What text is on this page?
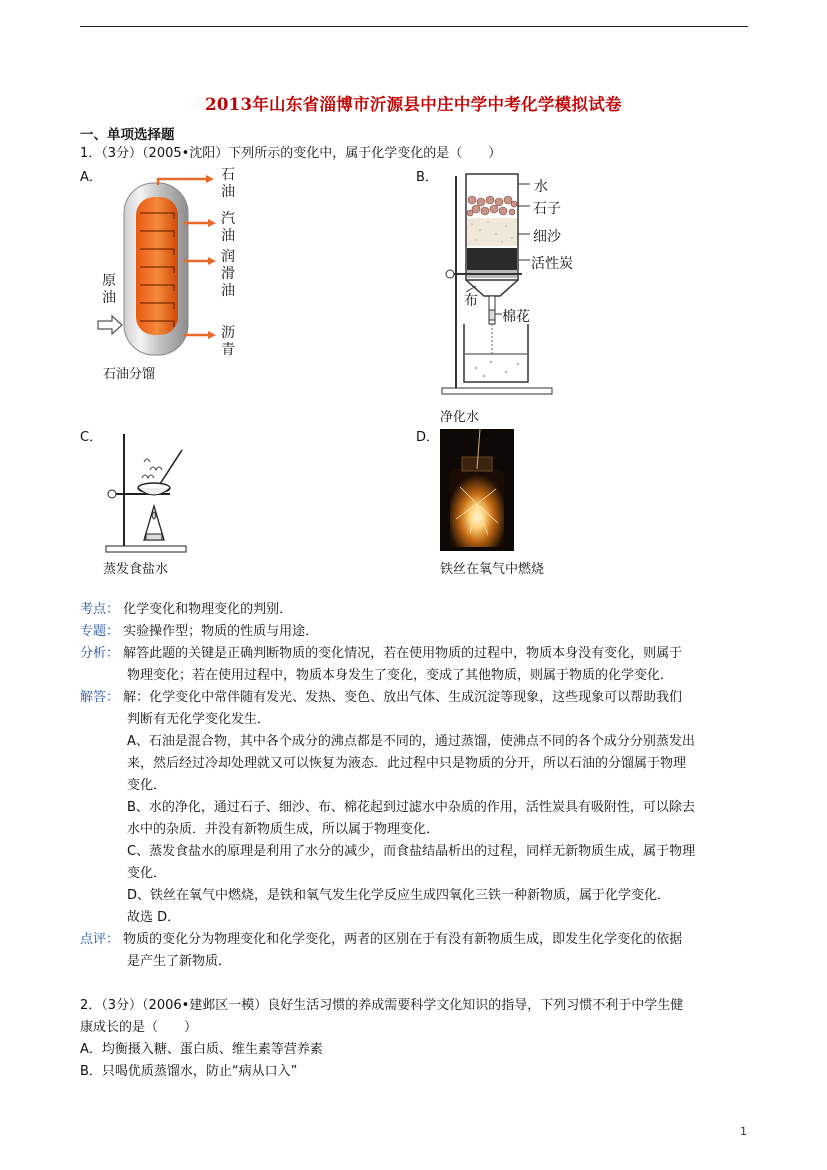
2013年山东省淄博市沂源县中庄中学中考化学模拟试卷
一、单项选择题
1．（3分）（2005•沈阳）下列所示的变化中，属于化学变化的是（　　）
A．	石
油
汽
油
润
滑
油
原
油
沥
青
石油分馏
B．
水
石子
细沙
活性炭
布
棉花
净化水
C．
蒸发食盐水
D．
铁丝在氧气中燃烧
考点： 化学变化和物理变化的判别．
专题： 实验操作型；物质的性质与用途．
分析： 解答此题的关键是正确判断物质的变化情况，若在使用物质的过程中，物质本身没有变化，则属于
物理变化；若在使用过程中，物质本身发生了变化，变成了其他物质，则属于物质的化学变化．
解答： 解：化学变化中常伴随有发光、发热、变色、放出气体、生成沉淀等现象，这些现象可以帮助我们
判断有无化学变化发生．
A、石油是混合物，其中各个成分的沸点都是不同的，通过蒸馏，使沸点不同的各个成分分别蒸发出
来，然后经过冷却处理就又可以恢复为液态．此过程中只是物质的分开，所以石油的分馏属于物理
变化．
B、水的净化，通过石子、细沙、布、棉花起到过滤水中杂质的作用，活性炭具有吸附性，可以除去
水中的杂质．并没有新物质生成，所以属于物理变化．
C、蒸发食盐水的原理是利用了水分的减少，而食盐结晶析出的过程，同样无新物质生成，属于物理
变化．
D、铁丝在氧气中燃烧，是铁和氧气发生化学反应生成四氧化三铁一种新物质，属于化学变化．
故选 D．
点评： 物质的变化分为物理变化和化学变化，两者的区别在于有没有新物质生成，即发生化学变化的依据
是产生了新物质．
2．（3分）（2006•建邺区一模）良好生活习惯的养成需要科学文化知识的指导，下列习惯不利于中学生健
康成长的是（　　）
A．均衡摄入糖、蛋白质、维生素等营养素
B．只喝优质蒸馏水，防止“病从口入”
1
